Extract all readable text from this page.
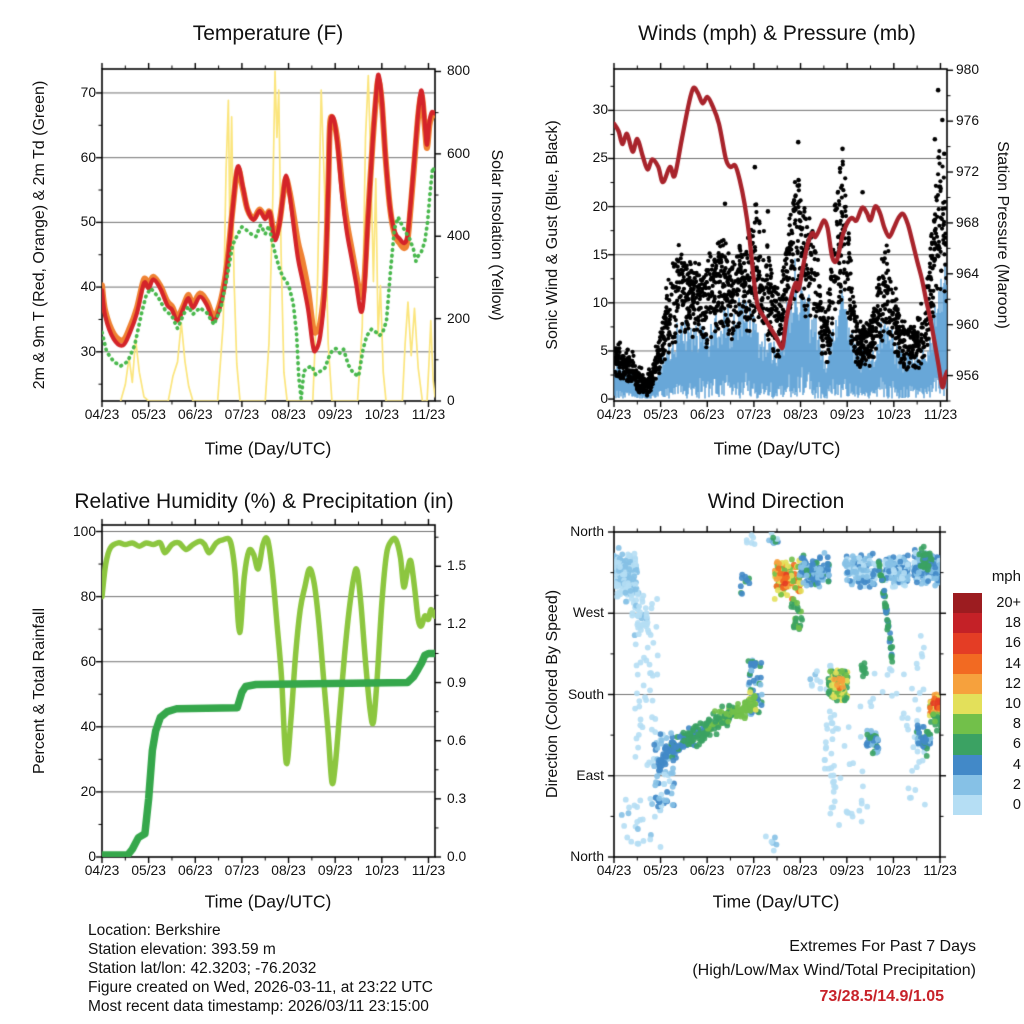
Temperature (F)	Winds (mph) & Pressure (mb)
Relative Humidity (%) & Precipitation (in)	Wind Direction
Time (Day/UTC)	Time (Day/UTC)
Time (Day/UTC)	Time (Day/UTC)
2m & 9m T (Red, Orange) & 2m Td (Green)	Solar Insolation (Yellow) Sonic Wind & Gust (Blue, Black)	Station Pressure (Maroon)
Percent & Total Rainfall	Direction (Colored By Speed)
04/23 05/23 06/23 07/23 08/23 09/23 10/23 11/23
30
40
50
60
70
0
200
400
600
800
04/23 05/23 06/23 07/23 08/23 09/23 10/23 11/23
0
5
10
15
20
25
30
956
960
964
968
972
976
980
04/23 05/23 06/23 07/23 08/23 09/23 10/23 11/23
0
20
40
60
80
100
0.0
0.3
0.6
0.9
1.2
1.5
04/23 05/23 06/23 07/23 08/23 09/23 10/23 11/23
North
West
South
East
North
mph
20+
18
16
14
12
10
8
6
4
2
0
Location: Berkshire
Station elevation: 393.59 m
Station lat/lon: 42.3203; -76.2032
Figure created on Wed, 2026-03-11, at 23:22 UTC
Most recent data timestamp: 2026/03/11 23:15:00
Extremes For Past 7 Days
(High/Low/Max Wind/Total Precipitation)
73/28.5/14.9/1.05
